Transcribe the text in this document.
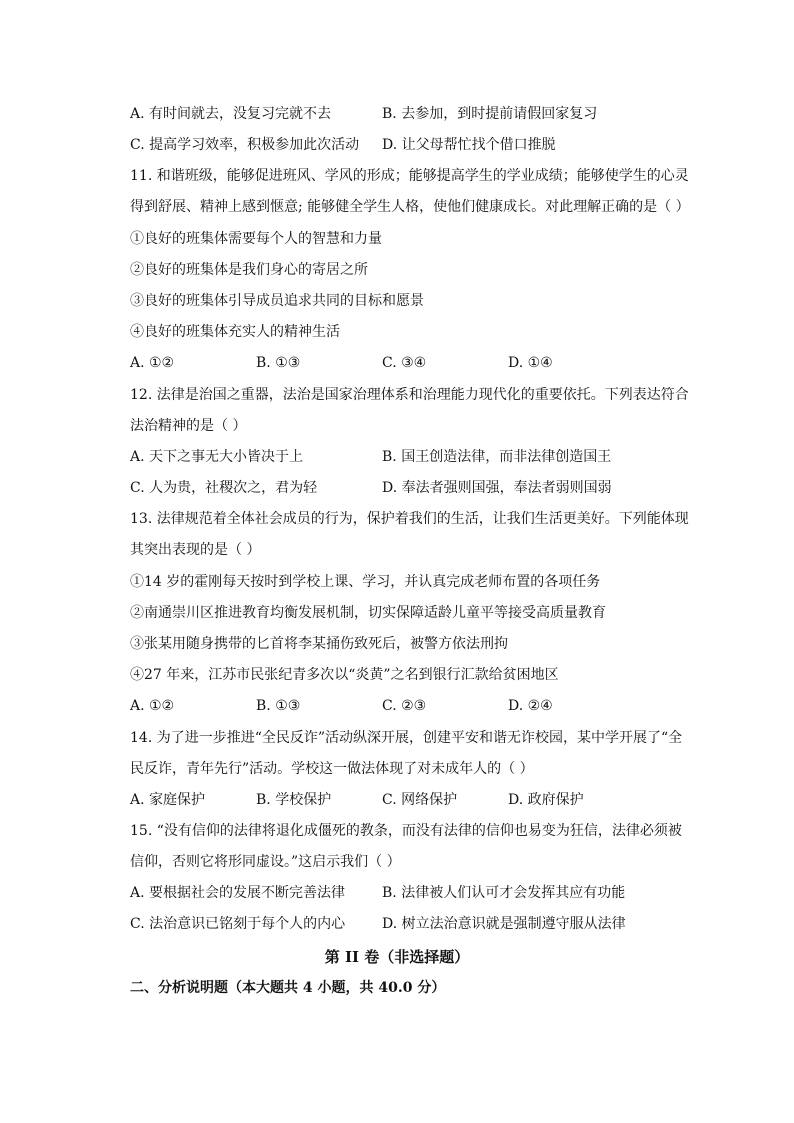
A. 有时间就去，没复习完就不去	B. 去参加，到时提前请假回家复习
C. 提高学习效率，积极参加此次活动 D. 让父母帮忙找个借口推脱
11. 和谐班级，能够促进班风、学风的形成；能够提高学生的学业成绩；能够使学生的心灵
得到舒展、精神上感到惬意; 能够健全学生人格，使他们健康成长。对此理解正确的是（ ）
①良好的班集体需要每个人的智慧和力量
②良好的班集体是我们身心的寄居之所
③良好的班集体引导成员追求共同的目标和愿景
④良好的班集体充实人的精神生活
A. ①②	B. ①③	C. ③④	D. ①④
12. 法律是治国之重器，法治是国家治理体系和治理能力现代化的重要依托。下列表达符合
法治精神的是（ ）
A. 天下之事无大小皆决于上	B. 国王创造法律，而非法律创造国王
C. 人为贵，社稷次之，君为轻	D. 奉法者强则国强，奉法者弱则国弱
13. 法律规范着全体社会成员的行为，保护着我们的生活，让我们生活更美好。下列能体现
其突出表现的是（ ）
①14 岁的霍刚每天按时到学校上课、学习，并认真完成老师布置的各项任务
②南通崇川区推进教育均衡发展机制，切实保障适龄儿童平等接受高质量教育
③张某用随身携带的匕首将李某捅伤致死后，被警方依法刑拘
④27 年来，江苏市民张纪青多次以“炎黄”之名到银行汇款给贫困地区
A. ①②	B. ①③	C. ②③	D. ②④
14. 为了进一步推进“全民反诈”活动纵深开展，创建平安和谐无诈校园，某中学开展了“全
民反诈，青年先行”活动。学校这一做法体现了对未成年人的（ ）
A. 家庭保护	B. 学校保护	C. 网络保护	D. 政府保护
15. “没有信仰的法律将退化成僵死的教条，而没有法律的信仰也易变为狂信，法律必须被
信仰，否则它将形同虚设。”这启示我们（ ）
A. 要根据社会的发展不断完善法律	B. 法律被人们认可才会发挥其应有功能
C. 法治意识已铭刻于每个人的内心	D. 树立法治意识就是强制遵守服从法律
第 II 卷（非选择题）
二、分析说明题（本大题共 4 小题，共 40.0 分）
